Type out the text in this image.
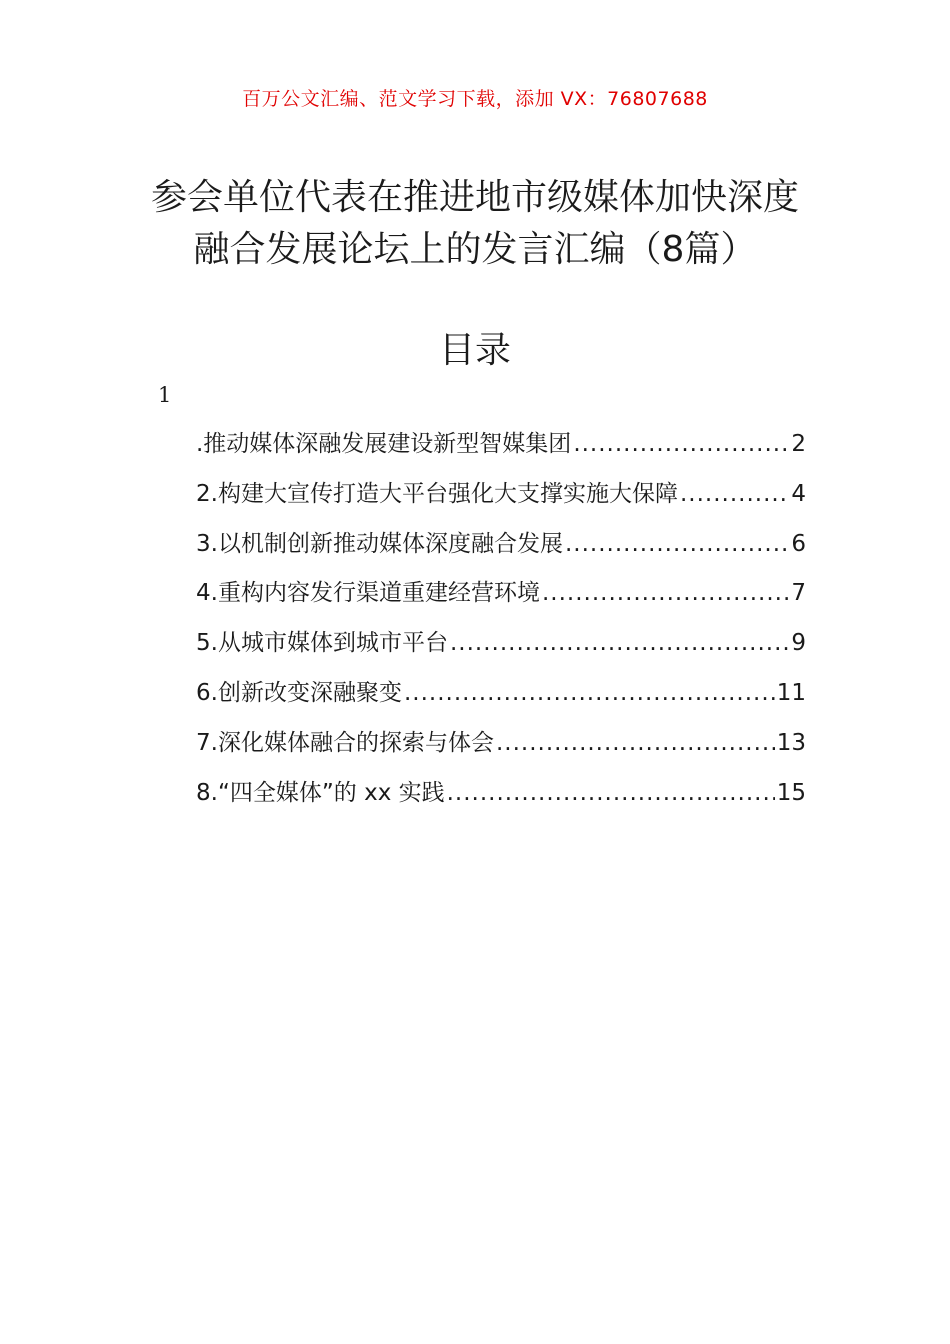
百万公文汇编、范文学习下载，添加 VX：76807688
参会单位代表在推进地市级媒体加快深度
融合发展论坛上的发言汇编（8篇）
目录
1
.推动媒体深融发展建设新型智媒集团 .....	2
2.构建大宣传打造大平台强化大支撑实施大保障 .....	4
3.以机制创新推动媒体深度融合发展 .....	6
4.重构内容发行渠道重建经营环境 .....	7
5.从城市媒体到城市平台 .....	9
6.创新改变深融聚变 .....	11
7.深化媒体融合的探索与体会 .....	13
8.“四全媒体”的 xx 实践 .....	15
